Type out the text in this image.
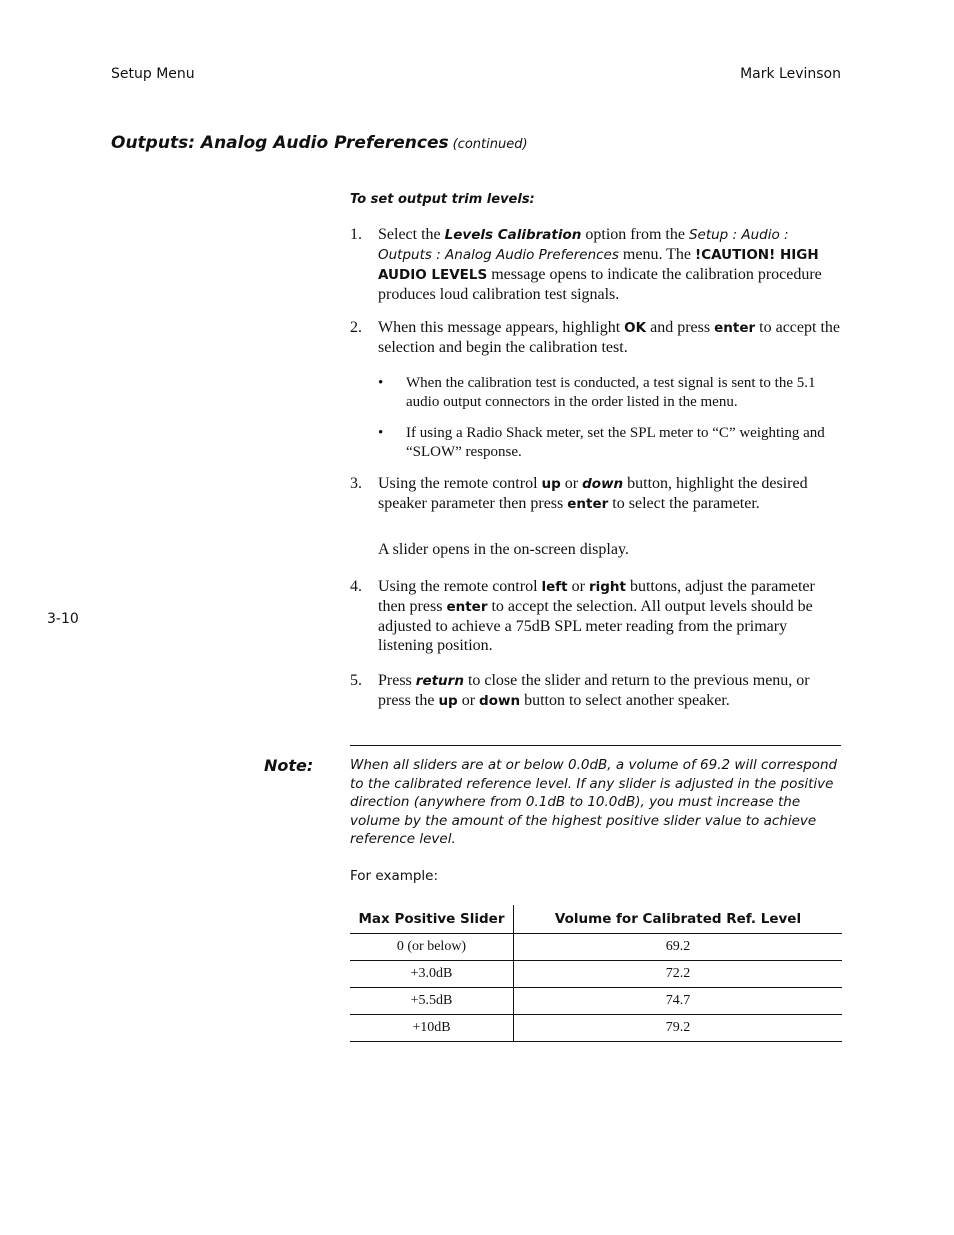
Setup Menu	Mark Levinson
Outputs: Analog Audio Preferences (continued)
To set output trim levels:
1. Select the Levels Calibration option from the Setup : Audio : Outputs : Analog Audio Preferences menu. The !CAUTION! HIGH AUDIO LEVELS message opens to indicate the calibration procedure produces loud calibration test signals.
2. When this message appears, highlight OK and press enter to accept the selection and begin the calibration test.
• When the calibration test is conducted, a test signal is sent to the 5.1 audio output connectors in the order listed in the menu.
• If using a Radio Shack meter, set the SPL meter to “C” weighting and “SLOW” response.
3. Using the remote control up or down button, highlight the desired speaker parameter then press enter to select the parameter.
A slider opens in the on-screen display.
4. Using the remote control left or right buttons, adjust the parameter then press enter to accept the selection. All output levels should be adjusted to achieve a 75dB SPL meter reading from the primary listening position.
3-10
5. Press return to close the slider and return to the previous menu, or press the up or down button to select another speaker.
Note:	When all sliders are at or below 0.0dB, a volume of 69.2 will correspond to the calibrated reference level. If any slider is adjusted in the positive direction (anywhere from 0.1dB to 10.0dB), you must increase the volume by the amount of the highest positive slider value to achieve reference level.
For example:
Max Positive Slider	Volume for Calibrated Ref. Level
0 (or below)	69.2
+3.0dB	72.2
+5.5dB	74.7
+10dB	79.2
